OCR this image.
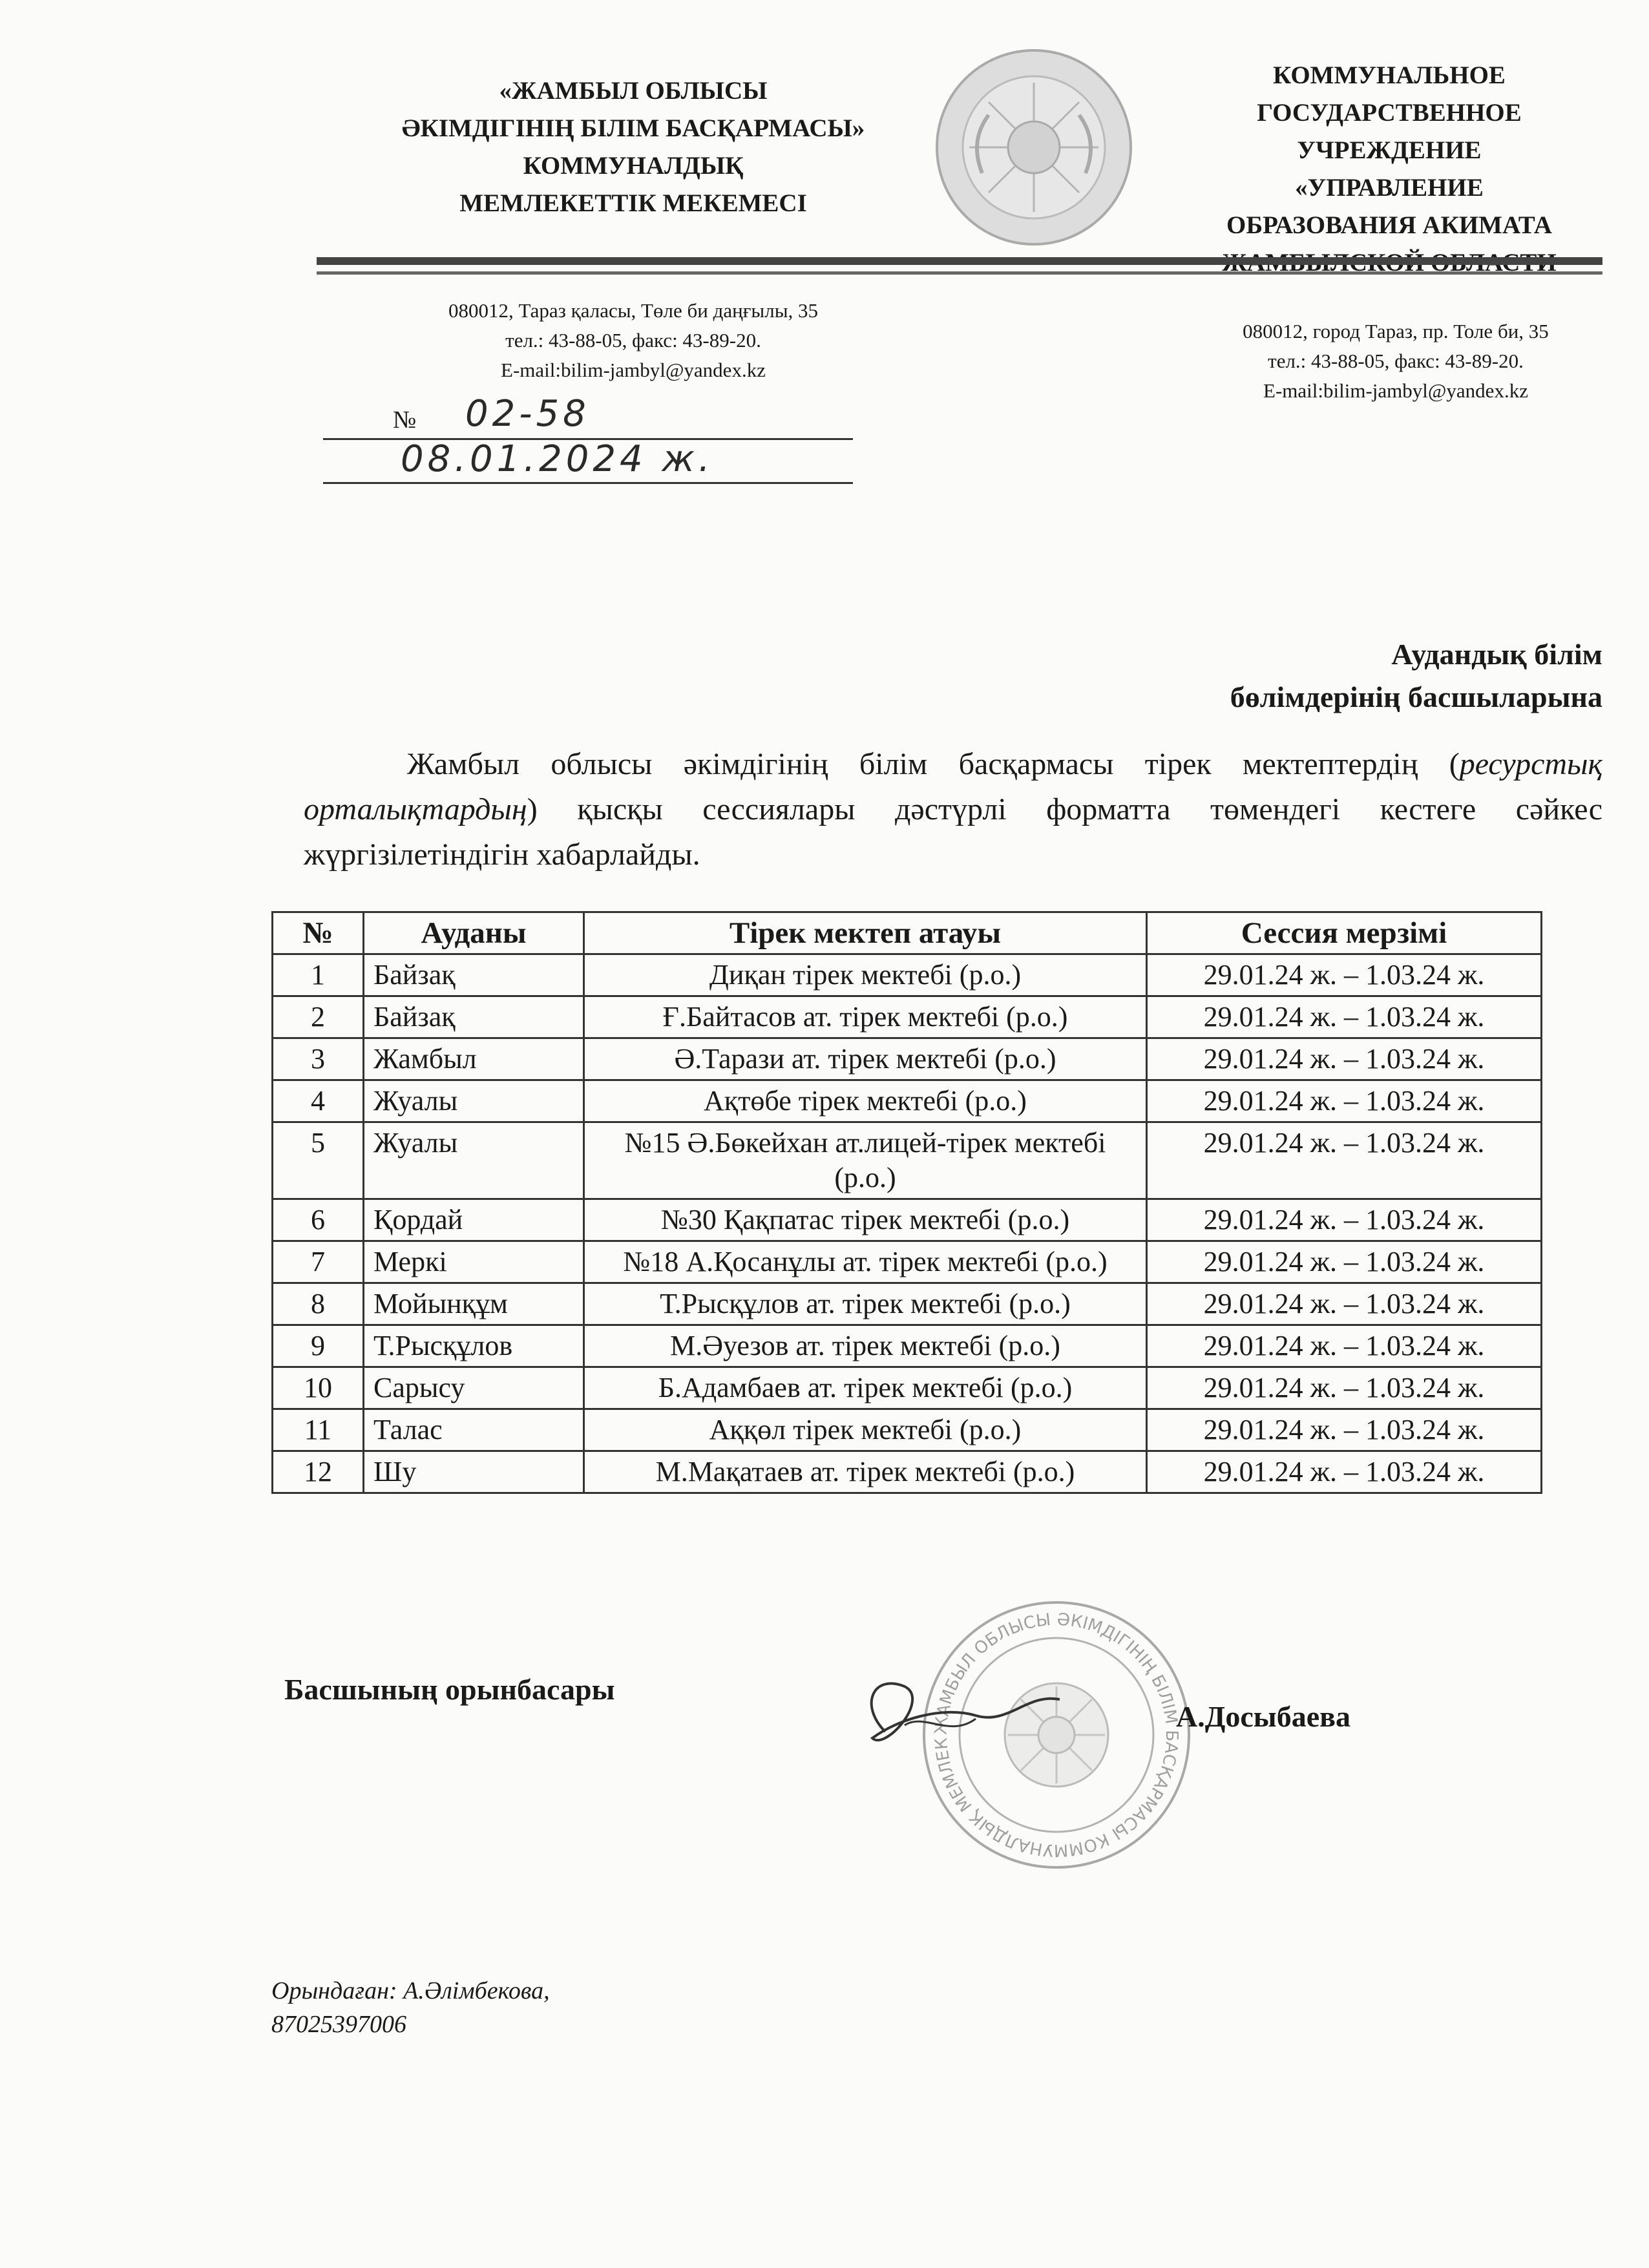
«ЖАМБЫЛ ОБЛЫСЫ
ӘКІМДІГІНІҢ БІЛІМ БАСҚАРМАСЫ»
КОММУНАЛДЫҚ
МЕМЛЕКЕТТІК МЕКЕМЕСІ
КОММУНАЛЬНОЕ
ГОСУДАРСТВЕННОЕ
УЧРЕЖДЕНИЕ
«УПРАВЛЕНИЕ
ОБРАЗОВАНИЯ АКИМАТА
080012, Тараз қаласы, Төле би даңғылы, 35
тел.: 43-88-05, факс: 43-89-20.
E-mail:bilim-jambyl@yandex.kz
080012, город Тараз, пр. Толе би, 35
тел.: 43-88-05, факс: 43-89-20.
E-mail:bilim-jambyl@yandex.kz
№ 02-58
08.01.2024 ж.
Аудандық білім
бөлімдерінің басшыларына
Жамбыл облысы әкімдігінің білім басқармасы тірек мектептердің (ресурстық орталықтардың) қысқы сессиялары дәстүрлі форматта төмендегі кестеге сәйкес жүргізілетіндігін хабарлайды.
№	Ауданы	Тірек мектеп атауы	Сессия мерзімі
1	Байзақ	Диқан тірек мектебі (р.о.)	29.01.24 ж. – 1.03.24 ж.
2	Байзақ	Ғ.Байтасов ат. тірек мектебі (р.о.)	29.01.24 ж. – 1.03.24 ж.
3	Жамбыл	Ә.Тарази ат. тірек мектебі (р.о.)	29.01.24 ж. – 1.03.24 ж.
4	Жуалы	Ақтөбе тірек мектебі (р.о.)	29.01.24 ж. – 1.03.24 ж.
5	Жуалы	№15 Ә.Бөкейхан ат.лицей-тірек мектебі (р.о.)	29.01.24 ж. – 1.03.24 ж.
6	Қордай	№30 Қақпатас тірек мектебі (р.о.)	29.01.24 ж. – 1.03.24 ж.
7	Меркі	№18 А.Қосанұлы ат. тірек мектебі (р.о.)	29.01.24 ж. – 1.03.24 ж.
8	Мойынқұм	Т.Рысқұлов ат. тірек мектебі (р.о.)	29.01.24 ж. – 1.03.24 ж.
9	Т.Рысқұлов	М.Әуезов ат. тірек мектебі (р.о.)	29.01.24 ж. – 1.03.24 ж.
10	Сарысу	Б.Адамбаев ат. тірек мектебі (р.о.)	29.01.24 ж. – 1.03.24 ж.
11	Талас	Аққөл тірек мектебі (р.о.)	29.01.24 ж. – 1.03.24 ж.
12	Шу	М.Мақатаев ат. тірек мектебі (р.о.)	29.01.24 ж. – 1.03.24 ж.
ЖАМБЫЛ ОБЛЫСЫ ӘКІМДІГІНІҢ БІЛІМ БАСҚАРМАСЫ КОММУНАЛДЫҚ МЕМЛЕК
Басшының орынбасары
А.Досыбаева
Орындаған: А.Әлімбекова,
87025397006
